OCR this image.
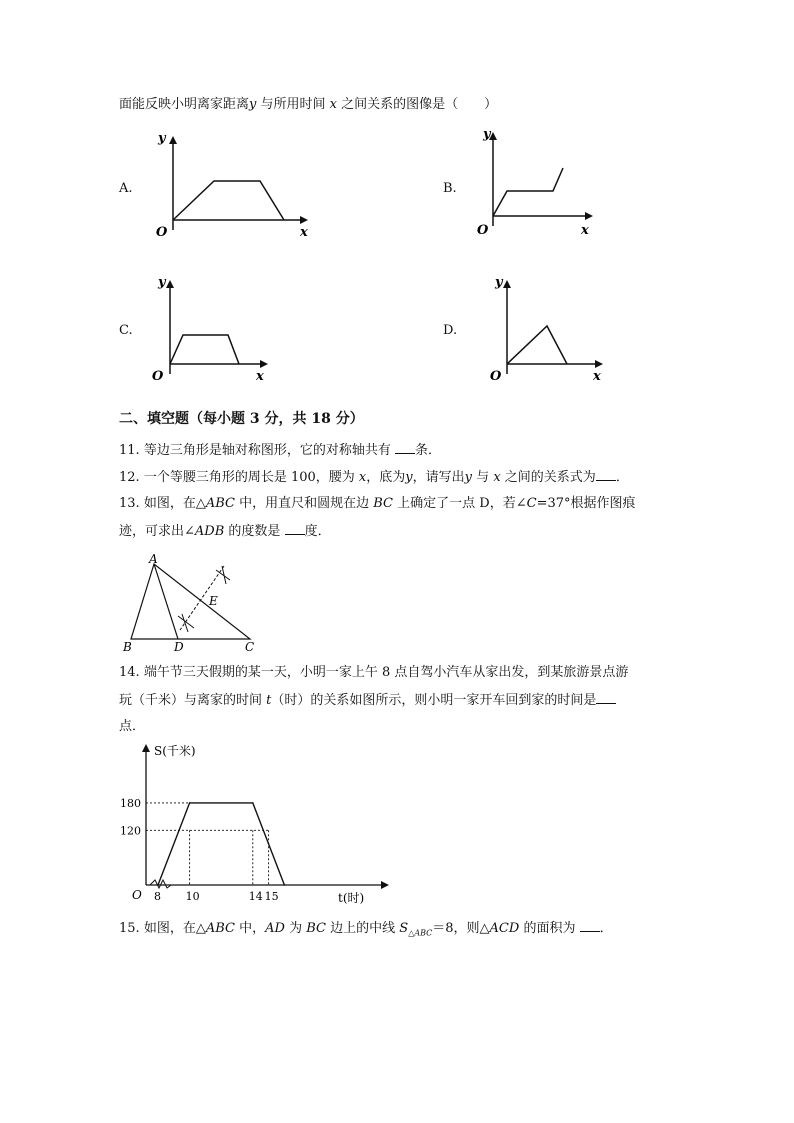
面能反映小明离家距离y 与所用时间 x 之间关系的图像是（　　）
A.
y
x
O
B.
y
x
O
C.
y
x
O
D.
y
x
O
二、填空题（每小题 3 分，共 18 分）
11. 等边三角形是轴对称图形，它的对称轴共有 条．
12. 一个等腰三角形的周长是 100，腰为 x，底为y，请写出y 与 x 之间的关系式为 ．
13. 如图，在△ABC 中，用直尺和圆规在边 BC 上确定了一点 D，若∠C=37°根据作图痕
迹，可求出∠ADB 的度数是 度．
A
B	C
D
E
14. 端午节三天假期的某一天，小明一家上午 8 点自驾小汽车从家出发，到某旅游景点游
玩（千米）与离家的时间 t（时）的关系如图所示，则小明一家开车回到家的时间是
点．
8 10	14 15
180
120
O
S(千米)
t(时)
15. 如图，在△ABC 中，AD 为 BC 边上的中线 $S_{\triangle ABC}=8$，则△ACD 的面积为 ．
